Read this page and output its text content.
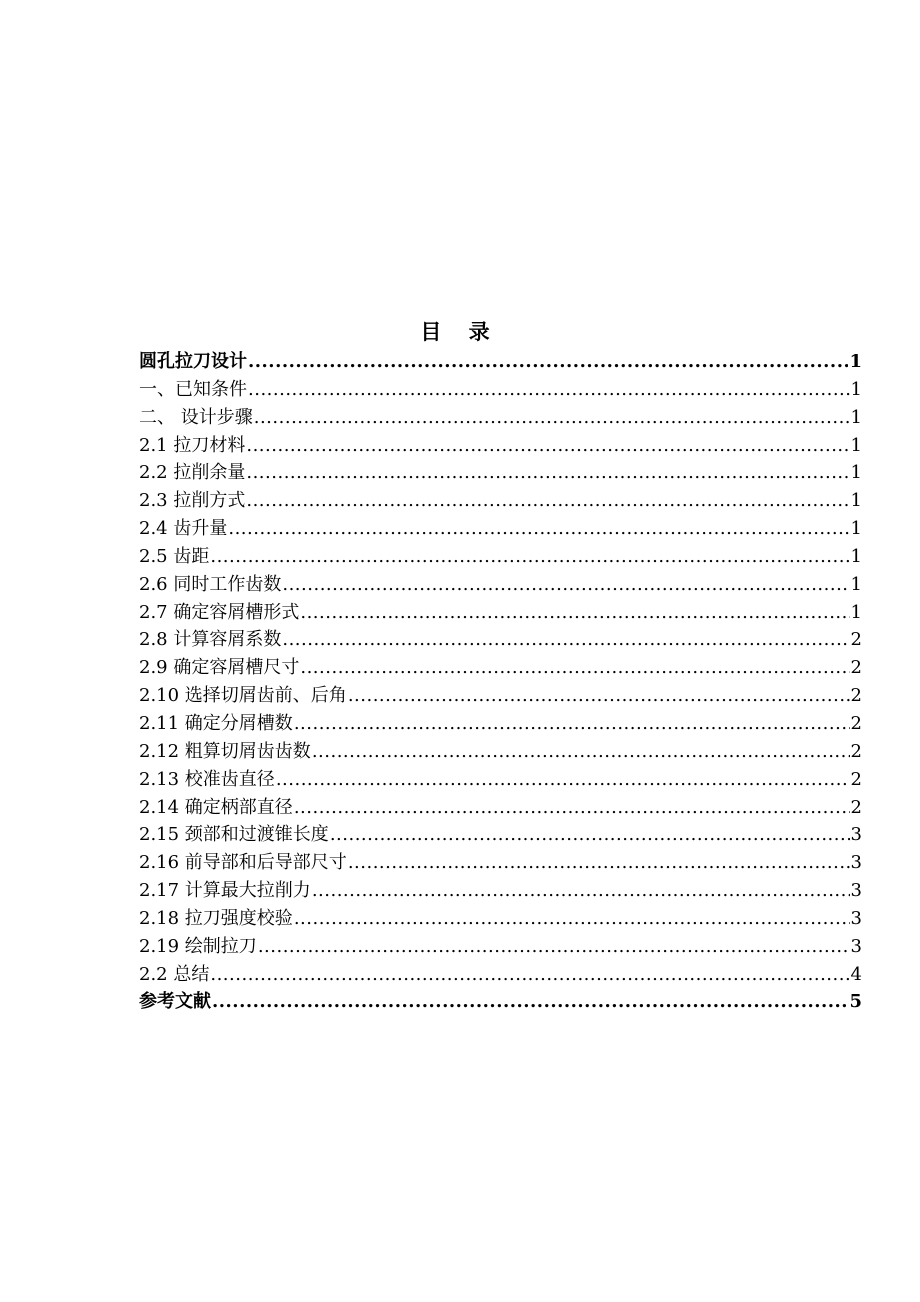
目 录
圆孔拉刀设计 .....	1
一、已知条件 .....	1
二、 设计步骤 .....	1
2.1 拉刀材料 .....	1
2.2 拉削余量 .....	1
2.3 拉削方式 .....	1
2.4 齿升量 .....	1
2.5 齿距 .....	1
2.6 同时工作齿数 .....	1
2.7 确定容屑槽形式 .....	1
2.8 计算容屑系数 .....	2
2.9 确定容屑槽尺寸 .....	2
2.10 选择切屑齿前、后角 .....	2
2.11 确定分屑槽数 .....	2
2.12 粗算切屑齿齿数 .....	2
2.13 校准齿直径 .....	2
2.14 确定柄部直径 .....	2
2.15 颈部和过渡锥长度 .....	3
2.16 前导部和后导部尺寸 .....	3
2.17 计算最大拉削力 .....	3
2.18 拉刀强度校验 .....	3
2.19 绘制拉刀 .....	3
2.2 总结 .....	4
参考文献 .....	5
